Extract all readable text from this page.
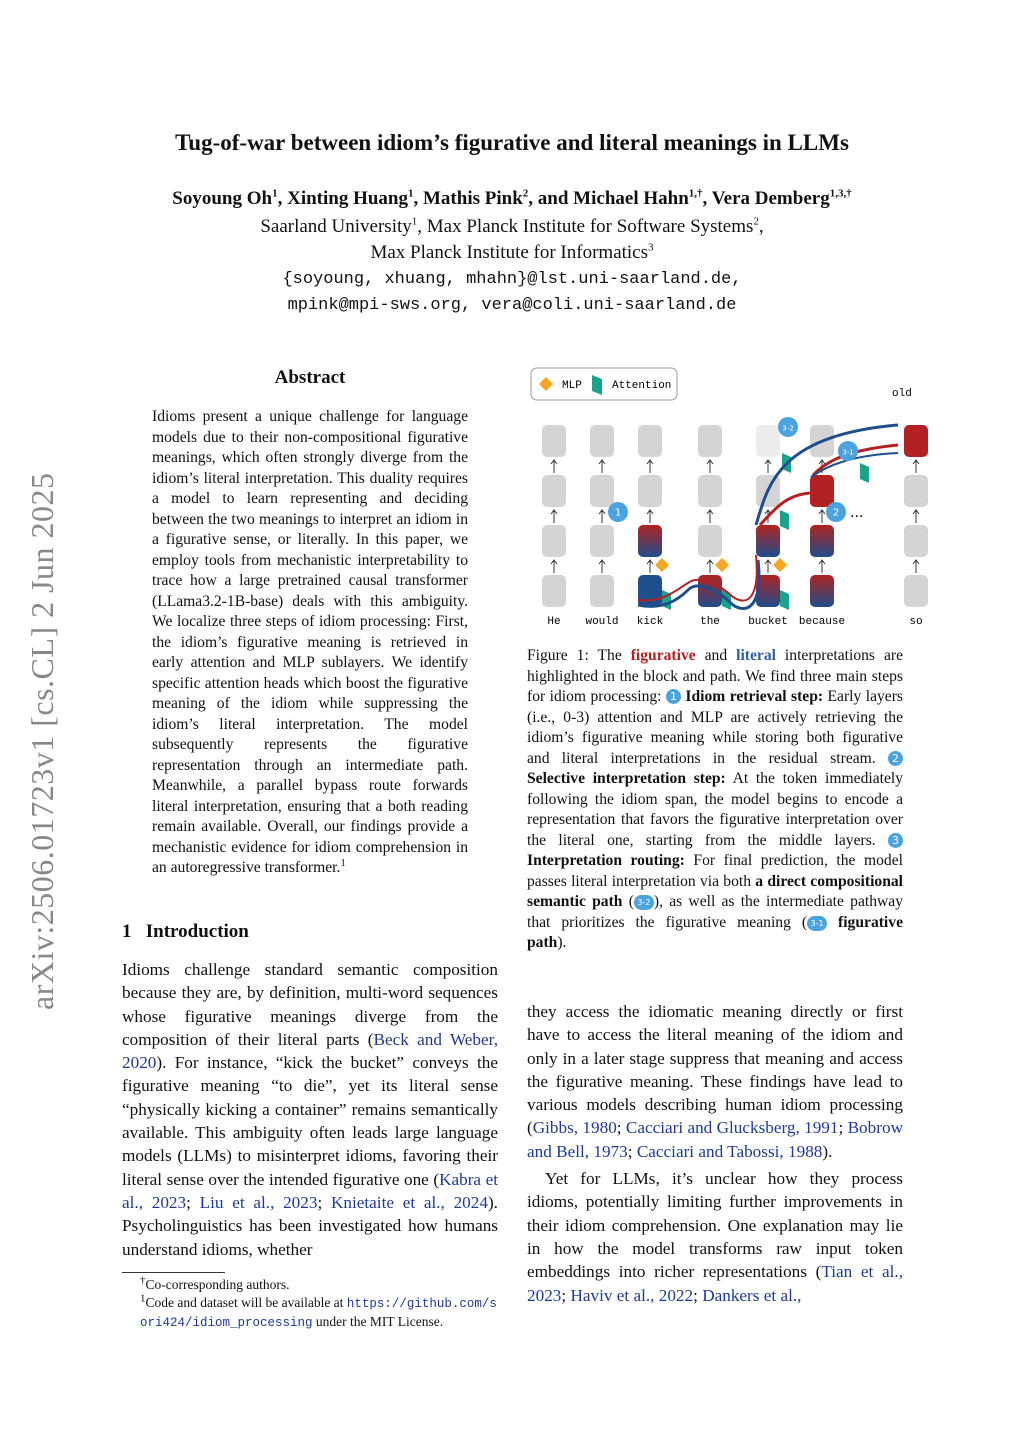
Tug-of-war between idiom’s figurative and literal meanings in LLMs
Soyoung Oh$^1$, Xinting Huang$^1$, Mathis Pink$^2$, and Michael Hahn$^{1,\dagger}$, Vera Demberg$^{1,3,\dagger}$
Saarland University$^1$, Max Planck Institute for Software Systems$^2$,
Max Planck Institute for Informatics$^3$
{soyoung, xhuang, mhahn}@lst.uni-saarland.de,
mpink@mpi-sws.org, vera@coli.uni-saarland.de
arXiv:2506.01723v1 [cs.CL] 2 Jun 2025
Abstract

Idioms present a unique challenge for language models due to their non-compositional figurative meanings, which often strongly diverge from the idiom’s literal interpretation. This duality requires a model to learn representing and deciding between the two meanings to interpret an idiom in a figurative sense, or literally. In this paper, we employ tools from mechanistic interpretability to trace how a large pretrained causal transformer (LLama3.2-1B-base) deals with this ambiguity. We localize three steps of idiom processing: First, the idiom’s figurative meaning is retrieved in early attention and MLP sublayers. We identify specific attention heads which boost the figurative meaning of the idiom while suppressing the idiom’s literal interpretation. The model subsequently represents the figurative representation through an intermediate path. Meanwhile, a parallel bypass route forwards literal interpretation, ensuring that a both reading remain available. Overall, our findings provide a mechanistic evidence for idiom comprehension in an autoregressive transformer.$^1$

1 Introduction

Idioms challenge standard semantic composition because they are, by definition, multi-word sequences whose figurative meanings diverge from the composition of their literal parts (Beck and Weber, 2020). For instance, “kick the bucket” conveys the figurative meaning “to die”, yet its literal sense “physically kicking a container” remains semantically available. This ambiguity often leads large language models (LLMs) to misinterpret idioms, favoring their literal sense over the intended figurative one (Kabra et al., 2023; Liu et al., 2023; Knietaite et al., 2024). Psycholinguistics has been investigated how humans understand idioms, whether

†Co-corresponding authors.
$^1$Code and dataset will be available at https://github.com/sori424/idiom_processing under the MIT License.
MLP	Attention
old
1	2
3-1
3-2
...
He would kick	the	bucket because	so

Figure 1: The figurative and literal interpretations are highlighted in the block and path. We find three main steps for idiom processing: 1 Idiom retrieval step: Early layers (i.e., 0-3) attention and MLP are actively retrieving the idiom’s figurative meaning while storing both figurative and literal interpretations in the residual stream. 2 Selective interpretation step: At the token immediately following the idiom span, the model begins to encode a representation that favors the figurative interpretation over the literal one, starting from the middle layers. 3 Interpretation routing: For final prediction, the model passes literal interpretation via both a direct compositional semantic path ( 3-2 ), as well as the intermediate pathway that prioritizes the figurative meaning ( 3-1 figurative path).

they access the idiomatic meaning directly or first have to access the literal meaning of the idiom and only in a later stage suppress that meaning and access the figurative meaning. These findings have lead to various models describing human idiom processing (Gibbs, 1980; Cacciari and Glucksberg, 1991; Bobrow and Bell, 1973; Cacciari and Tabossi, 1988).

Yet for LLMs, it’s unclear how they process idioms, potentially limiting further improvements in their idiom comprehension. One explanation may lie in how the model transforms raw input token embeddings into richer representations (Tian et al., 2023; Haviv et al., 2022; Dankers et al.,
